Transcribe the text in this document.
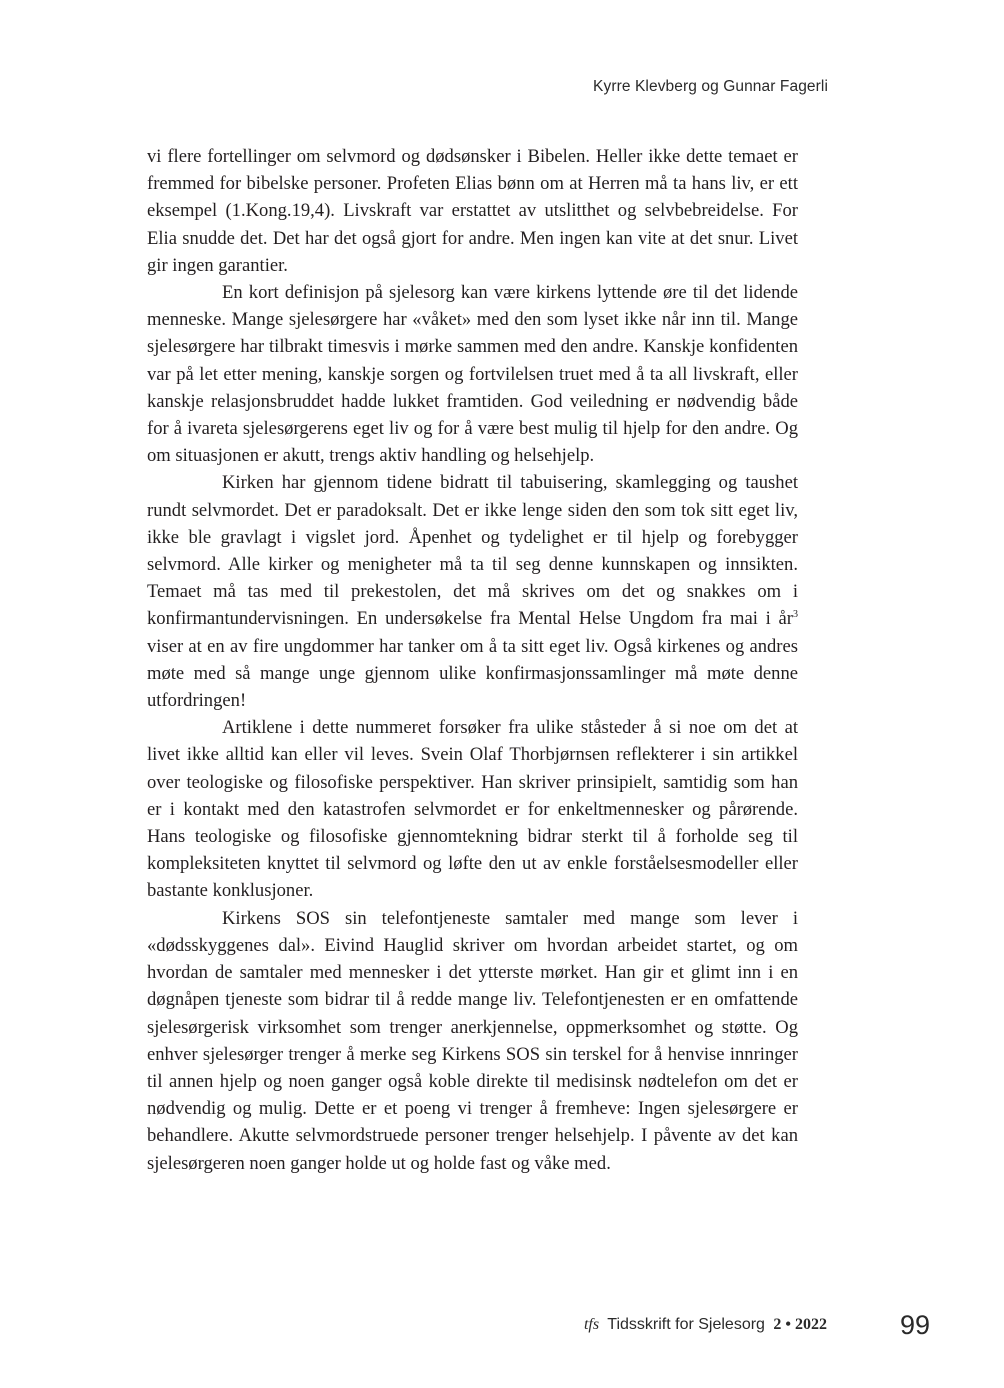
Kyrre Klevberg og Gunnar Fagerli

vi flere fortellinger om selvmord og dødsønsker i Bibelen. Heller ikke dette temaet er fremmed for bibelske personer. Profeten Elias bønn om at Herren må ta hans liv, er ett eksempel (1.Kong.19,4). Livskraft var erstattet av utslitthet og selvbebreidelse. For Elia snudde det. Det har det også gjort for andre. Men ingen kan vite at det snur. Livet gir ingen garantier.

En kort definisjon på sjelesorg kan være kirkens lyttende øre til det lidende menneske. Mange sjelesørgere har «våket» med den som lyset ikke når inn til. Mange sjelesørgere har tilbrakt timesvis i mørke sammen med den andre. Kanskje konfidenten var på let etter mening, kanskje sorgen og fortvilelsen truet med å ta all livskraft, eller kanskje relasjonsbruddet hadde lukket framtiden. God veiledning er nødvendig både for å ivareta sjelesørgerens eget liv og for å være best mulig til hjelp for den andre. Og om situasjonen er akutt, trengs aktiv handling og helsehjelp.

Kirken har gjennom tidene bidratt til tabuisering, skamlegging og taushet rundt selvmordet. Det er paradoksalt. Det er ikke lenge siden den som tok sitt eget liv, ikke ble gravlagt i vigslet jord. Åpenhet og tydelighet er til hjelp og forebygger selvmord. Alle kirker og menigheter må ta til seg denne kunnskapen og innsikten. Temaet må tas med til prekestolen, det må skrives om det og snakkes om i konfirmantundervisningen. En undersøkelse fra Mental Helse Ungdom fra mai i $år^3$ viser at en av fire ungdommer har tanker om å ta sitt eget liv. Også kirkenes og andres møte med så mange unge gjennom ulike konfirmasjonssamlinger må møte denne utfordringen!

Artiklene i dette nummeret forsøker fra ulike ståsteder å si noe om det at livet ikke alltid kan eller vil leves. Svein Olaf Thorbjørnsen reflekterer i sin artikkel over teologiske og filosofiske perspektiver. Han skriver prinsipielt, samtidig som han er i kontakt med den katastrofen selvmordet er for enkeltmennesker og pårørende. Hans teologiske og filosofiske gjennomtekning bidrar sterkt til å forholde seg til kompleksiteten knyttet til selvmord og løfte den ut av enkle forståelsesmodeller eller bastante konklusjoner.

Kirkens SOS sin telefontjeneste samtaler med mange som lever i «dødsskyggenes dal». Eivind Hauglid skriver om hvordan arbeidet startet, og om hvordan de samtaler med mennesker i det ytterste mørket. Han gir et glimt inn i en døgnåpen tjeneste som bidrar til å redde mange liv. Telefontjenesten er en omfattende sjelesørgerisk virksomhet som trenger anerkjennelse, oppmerksomhet og støtte. Og enhver sjelesørger trenger å merke seg Kirkens SOS sin terskel for å henvise innringer til annen hjelp og noen ganger også koble direkte til medisinsk nødtelefon om det er nødvendig og mulig. Dette er et poeng vi trenger å fremheve: Ingen sjelesørgere er behandlere. Akutte selvmordstruede personer trenger helsehjelp. I påvente av det kan sjelesørgeren noen ganger holde ut og holde fast og våke med.

tfs Tidsskrift for Sjelesorg 2 • 2022	99
